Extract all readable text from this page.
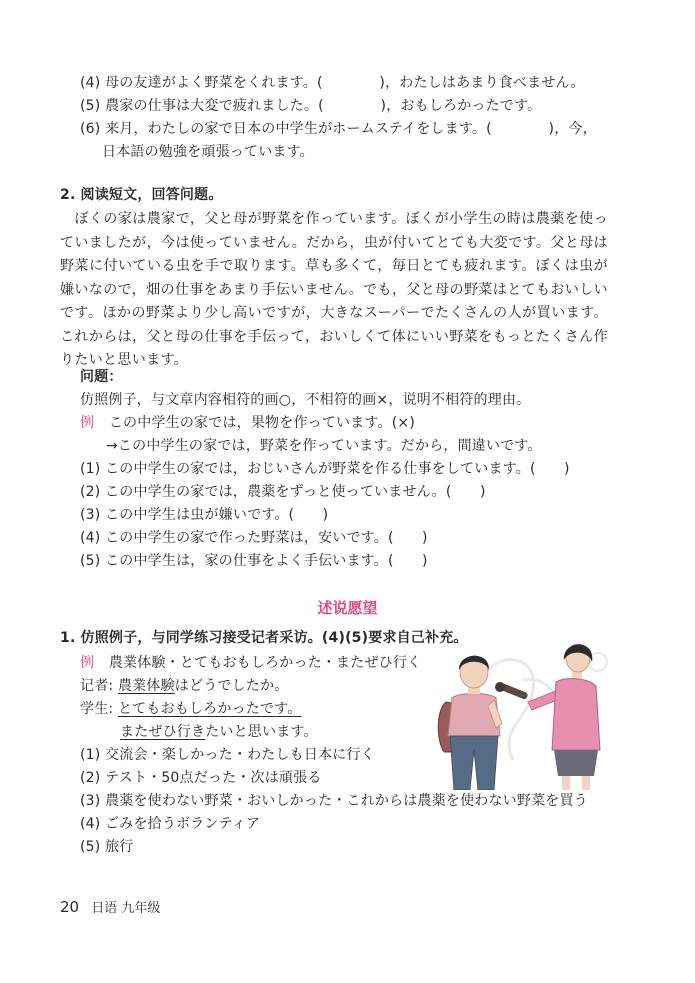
(4) 母の友達がよく野菜をくれます。(　　　　)，わたしはあまり食べません。
(5) 農家の仕事は大変で疲れました。(　　　　)，おもしろかったです。
(6) 来月，わたしの家で日本の中学生がホームステイをします。(　　　　)，今，
日本語の勉強を頑張っています。
2. 阅读短文，回答问题。
　ぼくの家は農家で，父と母が野菜を作っています。ぼくが小学生の時は農薬を使っていましたが，今は使っていません。だから，虫が付いてとても大変です。父と母は野菜に付いている虫を手で取ります。草も多くて，毎日とても疲れます。ぼくは虫が嫌いなので，畑の仕事をあまり手伝いません。でも，父と母の野菜はとてもおいしいです。ほかの野菜より少し高いですが，大きなスーパーでたくさんの人が買います。これからは，父と母の仕事を手伝って，おいしくて体にいい野菜をもっとたくさん作りたいと思います。
问题：
仿照例子，与文章内容相符的画○，不相符的画×，说明不相符的理由。
例 この中学生の家では，果物を作っています。(×)
→この中学生の家では，野菜を作っています。だから，間違いです。
(1) この中学生の家では，おじいさんが野菜を作る仕事をしています。(　　)
(2) この中学生の家では，農薬をずっと使っていません。(　　)
(3) この中学生は虫が嫌いです。(　　)
(4) この中学生の家で作った野菜は，安いです。(　　)
(5) この中学生は，家の仕事をよく手伝います。(　　)
述说愿望
1. 仿照例子，与同学练习接受记者采访。(4)(5)要求自己补充。
例 農業体験・とてもおもしろかった・またぜひ行く
记者: 農業体験はどうでしたか。
学生: とてもおもしろかったです。
またぜひ行きたいと思います。
(1) 交流会・楽しかった・わたしも日本に行く
(2) テスト・50点だった・次は頑張る
(3) 農薬を使わない野菜・おいしかった・これからは農薬を使わない野菜を買う
(4) ごみを拾うボランティア
(5) 旅行
20 日语 九年级
